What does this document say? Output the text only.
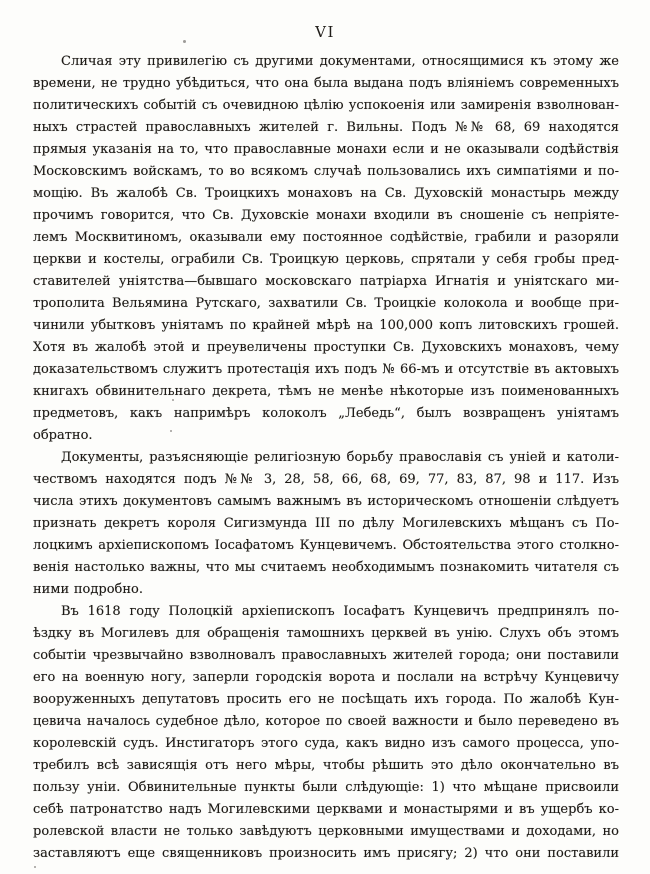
VI
Сличая эту привилегію съ другими документами, относящимися къ этому же
времени, не трудно убѣдиться, что она была выдана подъ вліяніемъ современныхъ
политическихъ событій съ очевидною цѣлію успокоенія или замиренія взволнован-
ныхъ страстей православныхъ жителей г. Вильны. Подъ №№ 68, 69 находятся
прямыя указанія на то, что православные монахи если и не оказывали содѣйствія
Московскимъ войскамъ, то во всякомъ случаѣ пользовались ихъ симпатіями и по-
мощію. Въ жалобѣ Св. Троицкихъ монаховъ на Св. Духовскій монастырь между
прочимъ говорится, что Св. Духовскіе монахи входили въ сношеніе съ непріяте-
лемъ Москвитиномъ, оказывали ему постоянное содѣйствіе, грабили и разоряли
церкви и костелы, ограбили Св. Троицкую церковь, спрятали у себя гробы пред-
ставителей уніятства—бывшаго московскаго патріарха Игнатія и уніятскаго ми-
трополита Вельямина Рутскаго, захватили Св. Троицкіе колокола и вообще при-
чинили убытковъ уніятамъ по крайней мѣрѣ на 100,000 копъ литовскихъ грошей.
Хотя въ жалобѣ этой и преувеличены проступки Св. Духовскихъ монаховъ, чему
доказательствомъ служитъ протестація ихъ подъ № 66-мъ и отсутствіе въ актовыхъ
книгахъ обвинительнаго декрета, тѣмъ не менѣе нѣкоторые изъ поименованныхъ
предметовъ, какъ напримѣръ колоколъ „Лебедь“, былъ возвращенъ уніятамъ
обратно.
Документы, разъясняющіе религіозную борьбу православія съ уніей и католи-
чествомъ находятся подъ №№ 3, 28, 58, 66, 68, 69, 77, 83, 87, 98 и 117. Изъ
числа этихъ документовъ самымъ важнымъ въ историческомъ отношеніи слѣдуетъ
признать декретъ короля Сигизмунда III по дѣлу Могилевскихъ мѣщанъ съ По-
лоцкимъ архіепископомъ Іосафатомъ Кунцевичемъ. Обстоятельства этого столкно-
венія настолько важны, что мы считаемъ необходимымъ познакомить читателя съ
ними подробно.
Въ 1618 году Полоцкій архіепископъ Іосафатъ Кунцевичъ предпринялъ по-
ѣздку въ Могилевъ для обращенія тамошнихъ церквей въ унію. Слухъ объ этомъ
событіи чрезвычайно взволновалъ православныхъ жителей города; они поставили
его на военную ногу, заперли городскія ворота и послали на встрѣчу Кунцевичу
вооруженныхъ депутатовъ просить его не посѣщать ихъ города. По жалобѣ Кун-
цевича началось судебное дѣло, которое по своей важности и было переведено въ
королевскій судъ. Инстигаторъ этого суда, какъ видно изъ самого процесса, упо-
требилъ всѣ зависящія отъ него мѣры, чтобы рѣшить это дѣло окончательно въ
пользу уніи. Обвинительные пункты были слѣдующіе: 1) что мѣщане присвоили
себѣ патронатство надъ Могилевскими церквами и монастырями и въ ущербъ ко-
ролевской власти не только завѣдуютъ церковными имуществами и доходами, но
заставляютъ еще священниковъ произносить имъ присягу; 2) что они поставили
